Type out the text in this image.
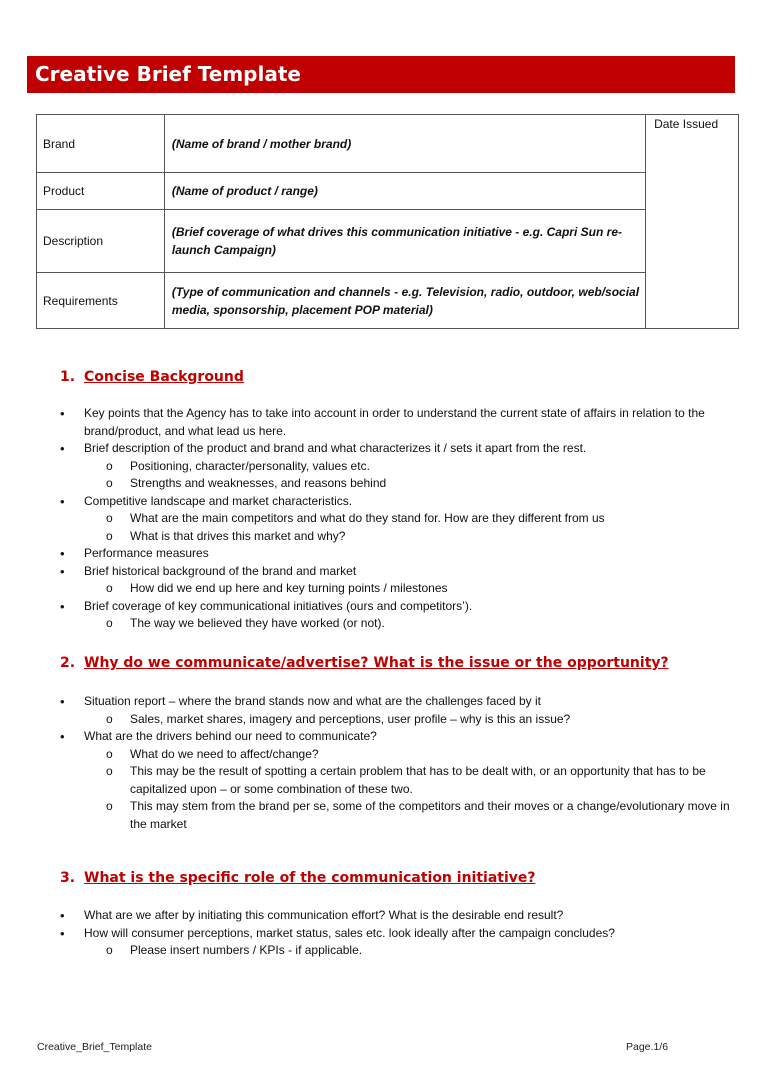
Creative Brief Template
Brand	(Name of brand / mother brand)	Date Issued
Product	(Name of product / range)	
Description	(Brief coverage of what drives this communication initiative - e.g. Capri Sun re-launch Campaign)	
Requirements	(Type of communication and channels - e.g. Television, radio, outdoor, web/social media, sponsorship, placement POP material)	
1. Concise Background
• Key points that the Agency has to take into account in order to understand the current state of affairs in relation to the brand/product, and what lead us here.
• Brief description of the product and brand and what characterizes it / sets it apart from the rest.
o Positioning, character/personality, values etc.
o Strengths and weaknesses, and reasons behind
• Competitive landscape and market characteristics.
o What are the main competitors and what do they stand for. How are they different from us
o What is that drives this market and why?
• Performance measures
• Brief historical background of the brand and market
o How did we end up here and key turning points / milestones
• Brief coverage of key communicational initiatives (ours and competitors’).
o The way we believed they have worked (or not).
2. Why do we communicate/advertise? What is the issue or the opportunity?
• Situation report – where the brand stands now and what are the challenges faced by it
o Sales, market shares, imagery and perceptions, user profile – why is this an issue?
• What are the drivers behind our need to communicate?
o What do we need to affect/change?
o This may be the result of spotting a certain problem that has to be dealt with, or an opportunity that has to be capitalized upon – or some combination of these two.
o This may stem from the brand per se, some of the competitors and their moves or a change/evolutionary move in the market
3. What is the specific role of the communication initiative?
• What are we after by initiating this communication effort? What is the desirable end result?
• How will consumer perceptions, market status, sales etc. look ideally after the campaign concludes?
o Please insert numbers / KPIs - if applicable.
Creative_Brief_Template	Page.1/6
